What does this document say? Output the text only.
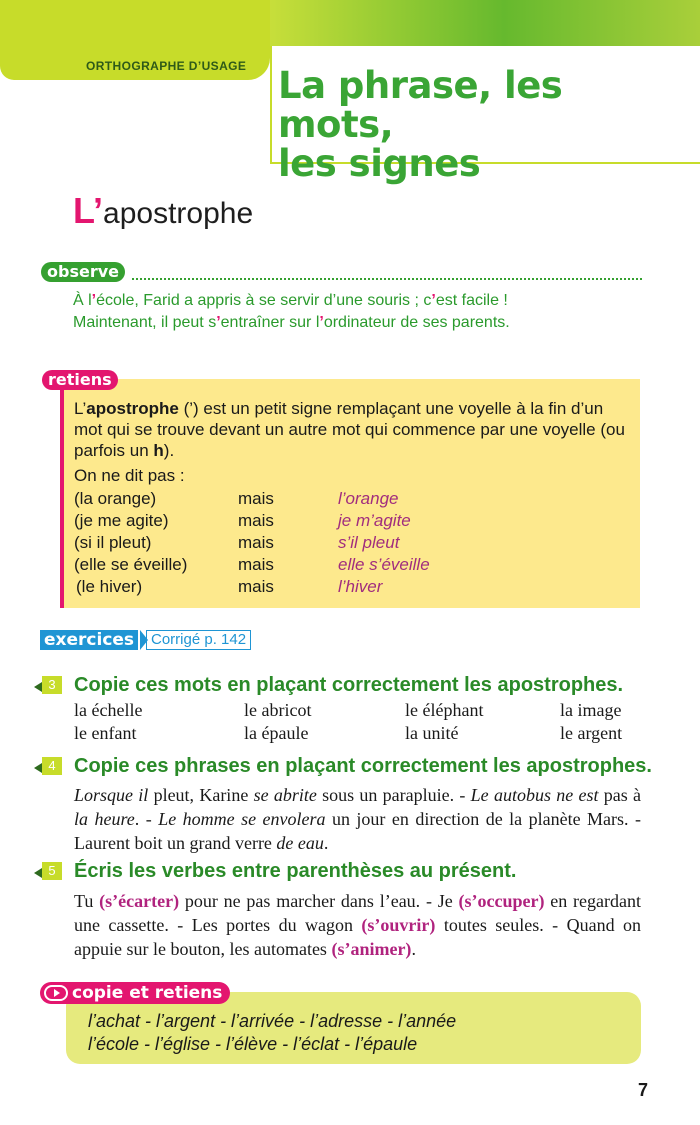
ORTHOGRAPHE D’USAGE La phrase, les mots,
les signes
L’apostrophe
observe
À l’école, Farid a appris à se servir d’une souris ; c’est facile !
Maintenant, il peut s’entraîner sur l’ordinateur de ses parents.
retiens
L’apostrophe (’) est un petit signe remplaçant une voyelle à la fin d’un mot qui se trouve devant un autre mot qui commence par une voyelle (ou parfois un h).
On ne dit pas :
(la orange)	mais	l’orange
(je me agite)	mais	je m’agite
(si il pleut)	mais	s’il pleut
(elle se éveille)	mais	elle s’éveille
(le hiver)	mais	l’hiver
exercices	Corrigé p. 142
3 Copie ces mots en plaçant correctement les apostrophes.
la échelle	le abricot	le éléphant	la image
le enfant	la épaule	la unité	le argent
4 Copie ces phrases en plaçant correctement les apostrophes.
Lorsque il pleut, Karine se abrite sous un parapluie. - Le autobus ne est pas à la heure. - Le homme se envolera un jour en direction de la planète Mars. - Laurent boit un grand verre de eau.
5 Écris les verbes entre parenthèses au présent.
Tu (s’écarter) pour ne pas marcher dans l’eau. - Je (s’occuper) en regardant une cassette. - Les portes du wagon (s’ouvrir) toutes seules. - Quand on appuie sur le bouton, les automates (s’animer).
copie et retiens
l’achat - l’argent - l’arrivée - l’adresse - l’année
l’école - l’église - l’élève - l’éclat - l’épaule
7
